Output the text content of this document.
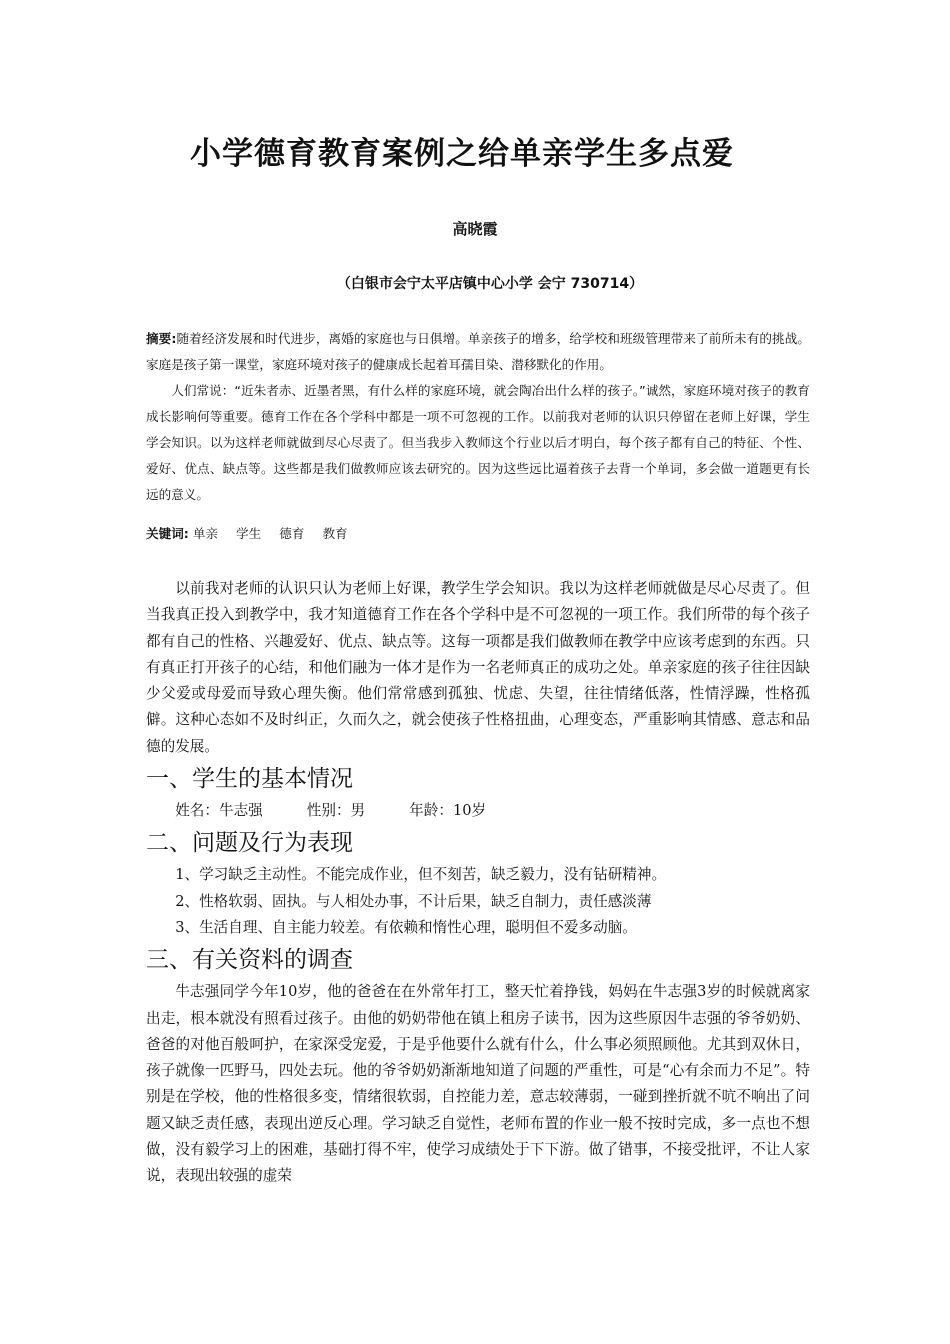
小学德育教育案例之给单亲学生多点爱
高晓霞
（白银市会宁太平店镇中心小学 会宁 730714）

摘要:随着经济发展和时代进步，离婚的家庭也与日俱增。单亲孩子的增多，给学校和班级管理带来了前所未有的挑战。家庭是孩子第一课堂，家庭环境对孩子的健康成长起着耳孺目染、潜移默化的作用。

人们常说：“近朱者赤、近墨者黑，有什么样的家庭环境，就会陶冶出什么样的孩子。”诚然，家庭环境对孩子的教育成长影响何等重要。德育工作在各个学科中都是一项不可忽视的工作。以前我对老师的认识只停留在老师上好课，学生学会知识。以为这样老师就做到尽心尽责了。但当我步入教师这个行业以后才明白，每个孩子都有自己的特征、个性、爱好、优点、缺点等。这些都是我们做教师应该去研究的。因为这些远比逼着孩子去背一个单词，多会做一道题更有长远的意义。

关键词: 单亲 学生 德育 教育

以前我对老师的认识只认为老师上好课，教学生学会知识。我以为这样老师就做是尽心尽责了。但当我真正投入到教学中，我才知道德育工作在各个学科中是不可忽视的一项工作。我们所带的每个孩子都有自己的性格、兴趣爱好、优点、缺点等。这每一项都是我们做教师在教学中应该考虑到的东西。只有真正打开孩子的心结，和他们融为一体才是作为一名老师真正的成功之处。单亲家庭的孩子往往因缺少父爱或母爱而导致心理失衡。他们常常感到孤独、忧虑、失望，往往情绪低落，性情浮躁，性格孤僻。这种心态如不及时纠正，久而久之，就会使孩子性格扭曲，心理变态，严重影响其情感、意志和品德的发展。

一、学生的基本情况

姓名：牛志强	性别：男	年龄：10岁

二、问题及行为表现

1、学习缺乏主动性。不能完成作业，但不刻苦，缺乏毅力，没有钻研精神。

2、性格软弱、固执。与人相处办事，不计后果，缺乏自制力，责任感淡薄

3、生活自理、自主能力较差。有依赖和惰性心理，聪明但不爱多动脑。

三、有关资料的调查

牛志强同学今年10岁，他的爸爸在在外常年打工，整天忙着挣钱，妈妈在牛志强3岁的时候就离家出走，根本就没有照看过孩子。由他的奶奶带他在镇上租房子读书，因为这些原因牛志强的爷爷奶奶、爸爸的对他百般呵护，在家深受宠爱，于是乎他要什么就有什么，什么事必须照顾他。尤其到双休日，孩子就像一匹野马，四处去玩。他的爷爷奶奶渐渐地知道了问题的严重性，可是“心有余而力不足”。特别是在学校，他的性格很多变，情绪很软弱，自控能力差，意志较薄弱，一碰到挫折就不吭不响出了问题又缺乏责任感，表现出逆反心理。学习缺乏自觉性，老师布置的作业一般不按时完成，多一点也不想做，没有毅学习上的困难，基础打得不牢，使学习成绩处于下下游。做了错事，不接受批评，不让人家说，表现出较强的虚荣
